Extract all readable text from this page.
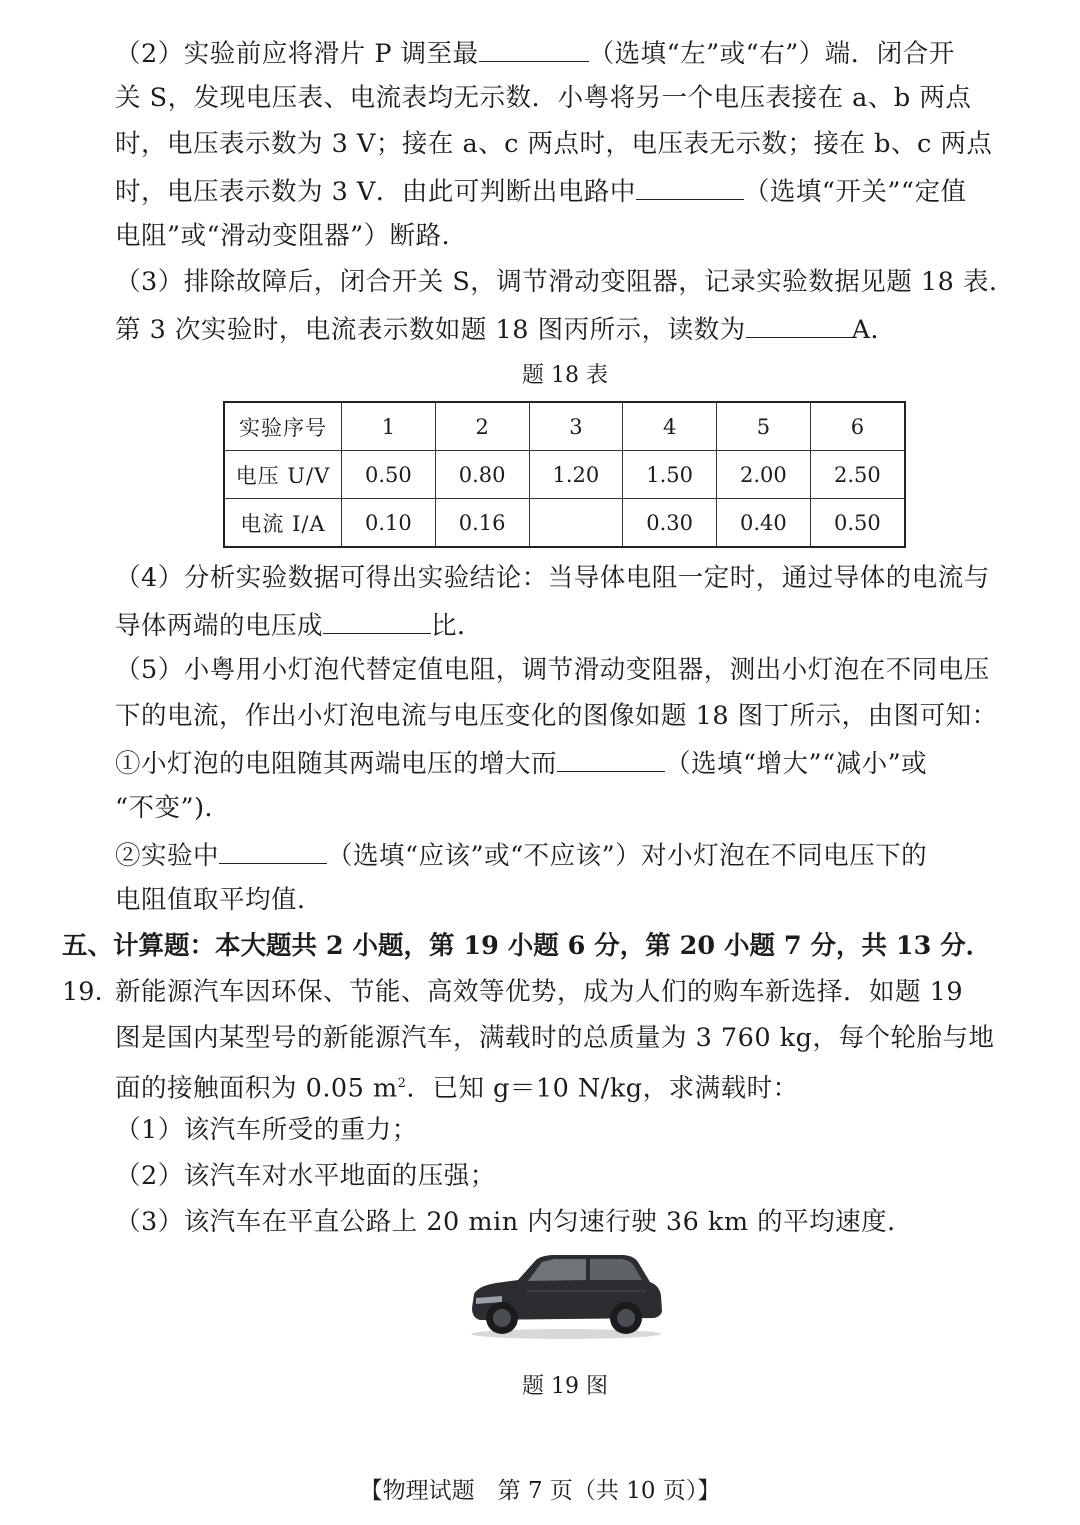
（2）实验前应将滑片 P 调至最	（选填“左”或“右”）端．闭合开
关 S，发现电压表、电流表均无示数．小粤将另一个电压表接在 a、b 两点
时，电压表示数为 3 V；接在 a、c 两点时，电压表无示数；接在 b、c 两点
时，电压表示数为 3 V．由此可判断出电路中	（选填“开关”“定值
电阻”或“滑动变阻器”）断路．
（3）排除故障后，闭合开关 S，调节滑动变阻器，记录实验数据见题 18 表．
第 3 次实验时，电流表示数如题 18 图丙所示，读数为	A．
题 18 表
实验序号	1	2	3	4	5	6
电压 U/V	0.50	0.80	1.20	1.50	2.00	2.50
电流 I/A	0.10	0.16		0.30	0.40	0.50
（4）分析实验数据可得出实验结论：当导体电阻一定时，通过导体的电流与
导体两端的电压成	比．
（5）小粤用小灯泡代替定值电阻，调节滑动变阻器，测出小灯泡在不同电压
下的电流，作出小灯泡电流与电压变化的图像如题 18 图丁所示，由图可知：
①小灯泡的电阻随其两端电压的增大而	（选填“增大”“减小”或
“不变”)．
②实验中	（选填“应该”或“不应该”）对小灯泡在不同电压下的
电阻值取平均值．
五、计算题：本大题共 2 小题，第 19 小题 6 分，第 20 小题 7 分，共 13 分．
19. 新能源汽车因环保、节能、高效等优势，成为人们的购车新选择．如题 19
图是国内某型号的新能源汽车，满载时的总质量为 3 760 kg，每个轮胎与地
面的接触面积为 0.05 $m^2$．已知 g＝10 N/kg，求满载时：
（1）该汽车所受的重力；
（2）该汽车对水平地面的压强；
（3）该汽车在平直公路上 20 min 内匀速行驶 36 km 的平均速度．
题 19 图
【物理试题　第 7 页（共 10 页）】
